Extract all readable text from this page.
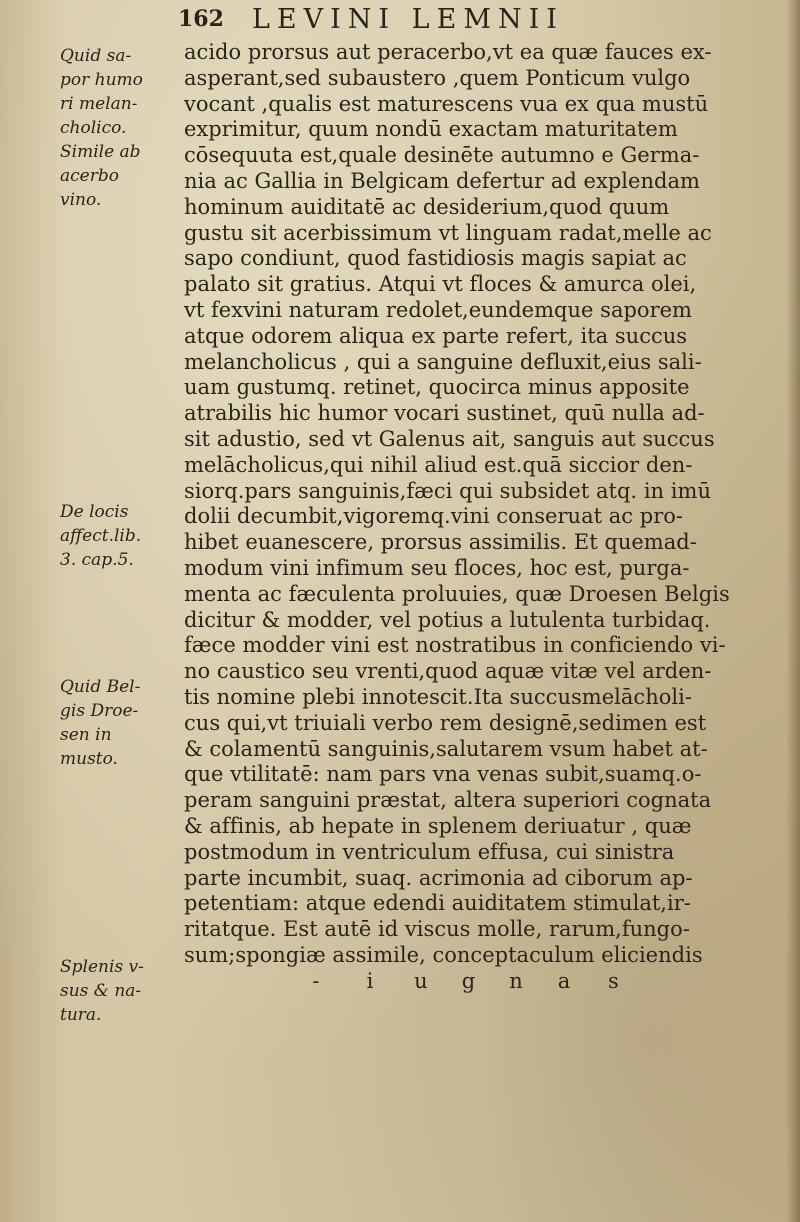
162 LEVINI LEMNII
Quid sa-
por humo
ri melan-
cholico.
Simile ab
acerbo
vino.
De locis
affect.lib.
3. cap.5.
Quid Bel-
gis Droe-
sen in
musto.
Splenis v-
sus & na-
tura.
acido prorsus aut peracerbo,vt ea quæ fauces ex-
asperant,sed subaustero ,quem Ponticum vulgo
vocant ,qualis est maturescens vua ex qua mustū
exprimitur, quum nondū exactam maturitatem
cōsequuta est,quale desinēte autumno e Germa-
nia ac Gallia in Belgicam defertur ad explendam
hominum auiditatē ac desiderium,quod quum
gustu sit acerbissimum vt linguam radat,melle ac
sapo condiunt, quod fastidiosis magis sapiat ac
palato sit gratius. Atqui vt floces & amurca olei,
vt fexvini naturam redolet,eundemque saporem
atque odorem aliqua ex parte refert, ita succus
melancholicus , qui a sanguine defluxit,eius sali-
uam gustumq. retinet, quocirca minus apposite
atrabilis hic humor vocari sustinet, quū nulla ad-
sit adustio, sed vt Galenus ait, sanguis aut succus
melācholicus,qui nihil aliud est.quā siccior den-
siorq.pars sanguinis,fæci qui subsidet atq. in imū
dolii decumbit,vigoremq.vini conseruat ac pro-
hibet euanescere, prorsus assimilis. Et quemad-
modum vini infimum seu floces, hoc est, purga-
menta ac fæculenta proluuies, quæ Droesen Belgis
dicitur & modder, vel potius a lutulenta turbidaq.
fæce modder vini est nostratibus in conficiendo vi-
no caustico seu vrenti,quod aquæ vitæ vel arden-
tis nomine plebi innotescit.Ita succusmelācholi-
cus qui,vt triuiali verbo rem designē,sedimen est
& colamentū sanguinis,salutarem vsum habet at-
que vtilitatē: nam pars vna venas subit,suamq.o-
peram sanguini præstat, altera superiori cognata
& affinis, ab hepate in splenem deriuatur , quæ
postmodum in ventriculum effusa, cui sinistra
parte incumbit, suaq. acrimonia ad ciborum ap-
petentiam: atque edendi auiditatem stimulat,ir-
ritatque. Est autē id viscus molle, rarum,fungo-
sum;spongiæ assimile, conceptaculum eliciendis
